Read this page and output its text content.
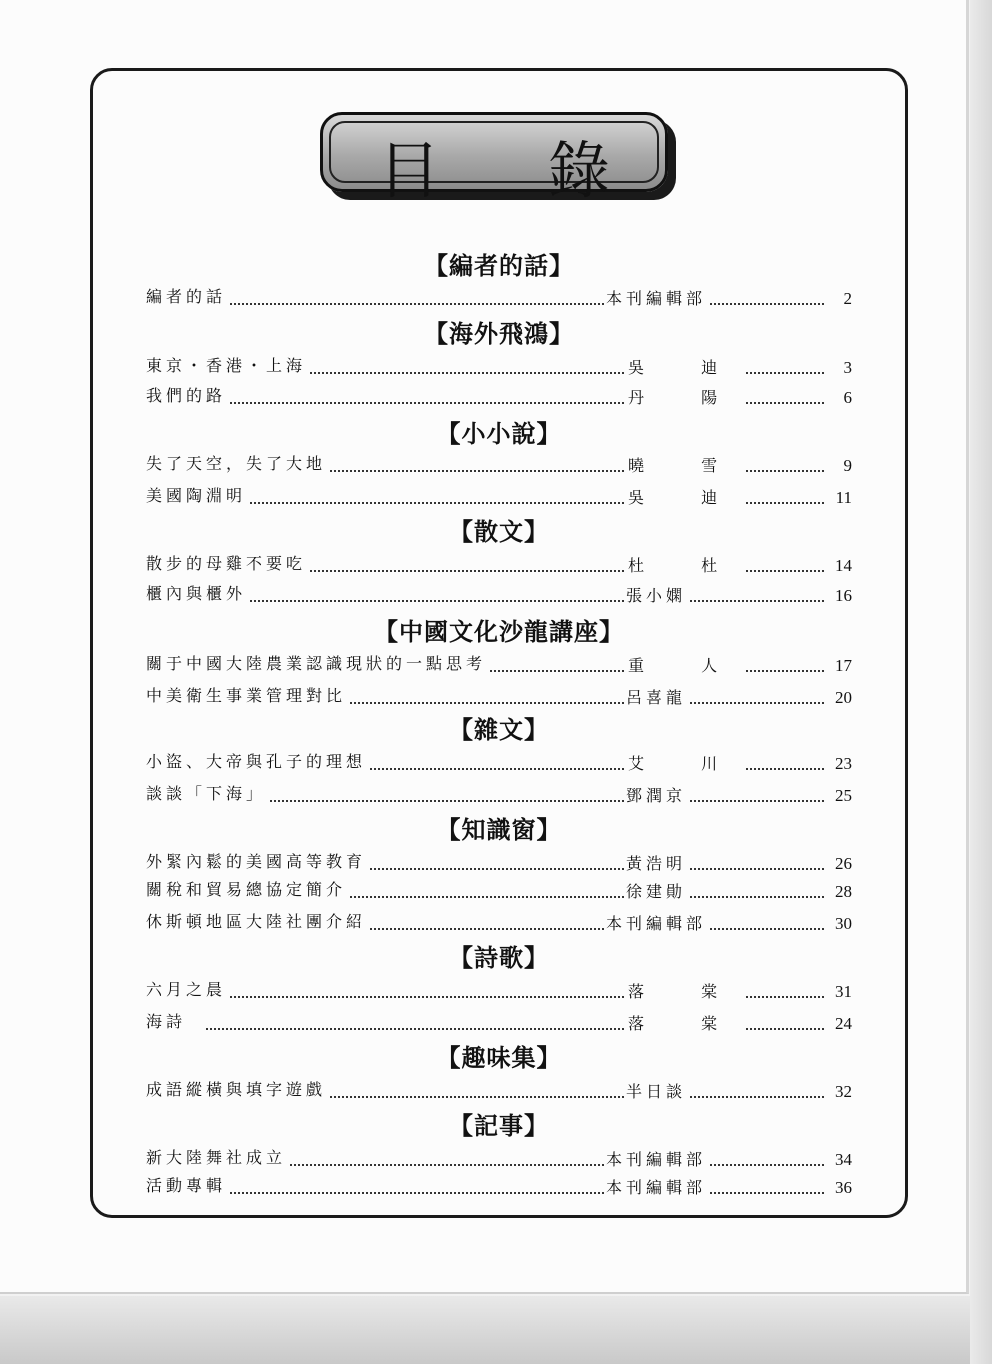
目 錄
【編者的話】
編者的話	本刊編輯部	2
【海外飛鴻】
東京・香港・上海	吳 迪	3
我們的路	丹 陽	6
【小小說】
失了天空，失了大地	曉 雪	9
美國陶淵明	吳 迪	11
【散文】
散步的母雞不要吃	杜 杜	14
櫃內與櫃外	張小嫻	16
【中國文化沙龍講座】
關于中國大陸農業認識現狀的一點思考	重 人	17
中美衛生事業管理對比	呂喜龍	20
【雜文】
小盜、大帝與孔子的理想	艾 川	23
談談「下海」	鄧潤京	25
【知識窗】
外緊內鬆的美國高等教育	黃浩明	26
關稅和貿易總協定簡介	徐建勛	28
休斯頓地區大陸社團介紹	本刊編輯部	30
【詩歌】
六月之晨	落 棠	31
海詩	落 棠	24
【趣味集】
成語縱橫與填字遊戲	半日談	32
【記事】
新大陸舞社成立	本刊編輯部	34
活動專輯	本刊編輯部	36
